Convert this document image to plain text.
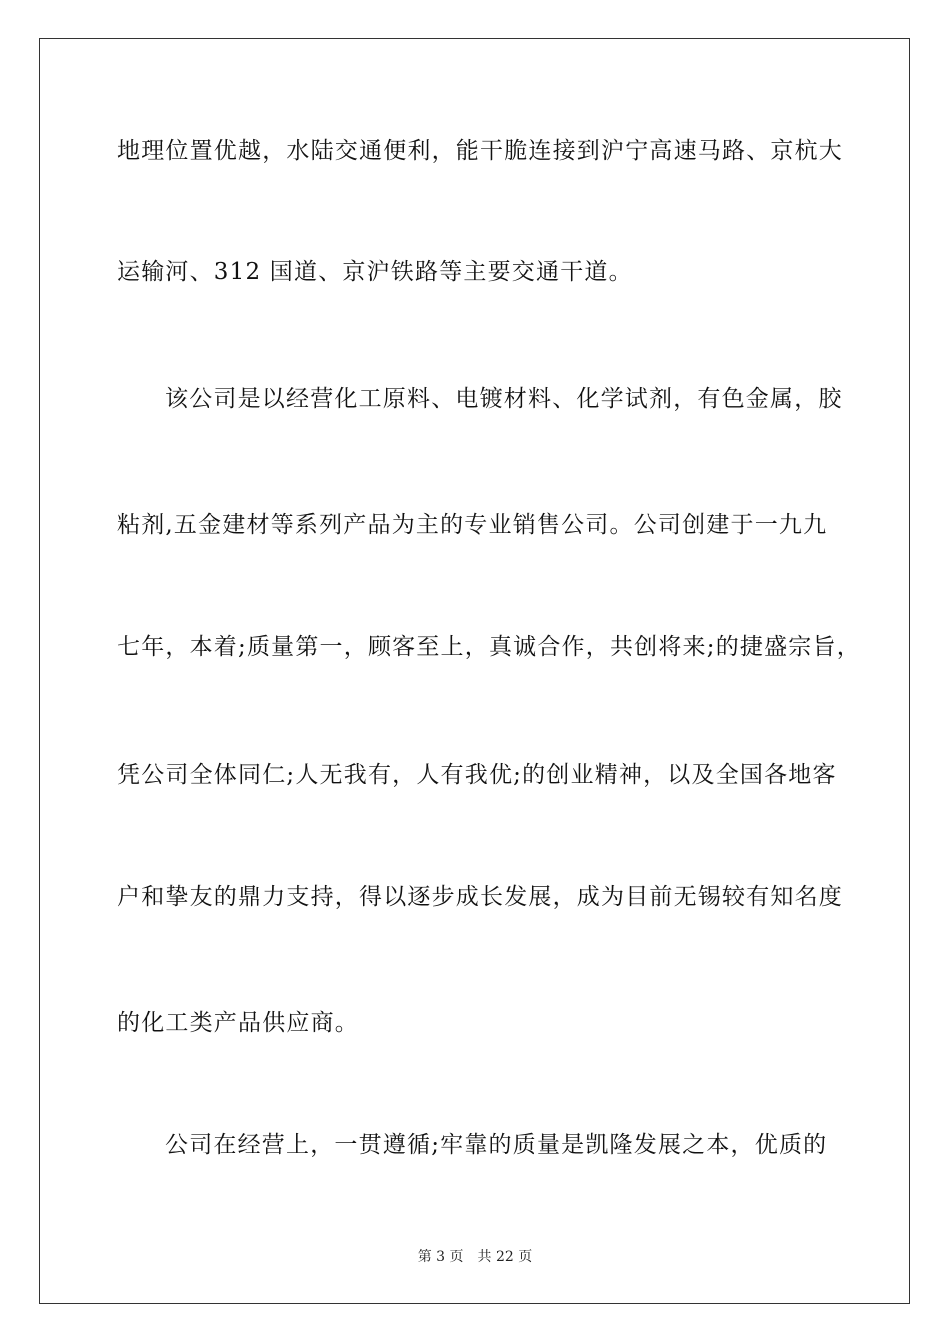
地理位置优越，水陆交通便利，能干脆连接到沪宁高速马路、京杭大
运输河、312 国道、京沪铁路等主要交通干道。
该公司是以经营化工原料、电镀材料、化学试剂，有色金属，胶
粘剂,五金建材等系列产品为主的专业销售公司。公司创建于一九九
七年，本着;质量第一，顾客至上，真诚合作，共创将来;的捷盛宗旨，
凭公司全体同仁;人无我有，人有我优;的创业精神，以及全国各地客
户和挚友的鼎力支持，得以逐步成长发展，成为目前无锡较有知名度
的化工类产品供应商。
公司在经营上，一贯遵循;牢靠的质量是凯隆发展之本，优质的
第 3 页 共 22 页
